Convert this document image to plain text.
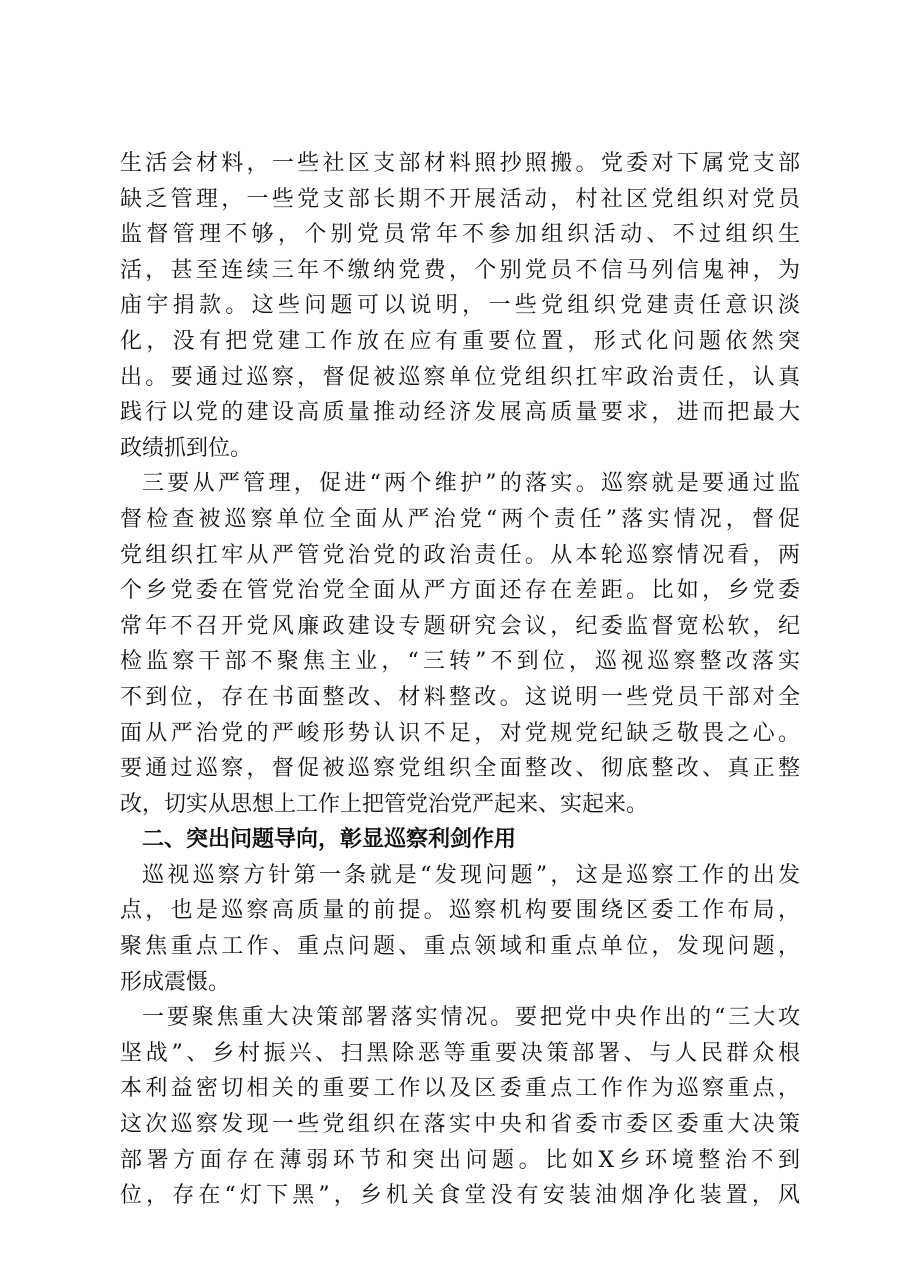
生活会材料，一些社区支部材料照抄照搬。党委对下属党支部
缺乏管理，一些党支部长期不开展活动，村社区党组织对党员
监督管理不够，个别党员常年不参加组织活动、不过组织生
活，甚至连续三年不缴纳党费，个别党员不信马列信鬼神，为
庙宇捐款。这些问题可以说明，一些党组织党建责任意识淡
化，没有把党建工作放在应有重要位置，形式化问题依然突
出。要通过巡察，督促被巡察单位党组织扛牢政治责任，认真
践行以党的建设高质量推动经济发展高质量要求，进而把最大
政绩抓到位。
三要从严管理，促进“两个维护”的落实。巡察就是要通过监
督检查被巡察单位全面从严治党“两个责任”落实情况，督促
党组织扛牢从严管党治党的政治责任。从本轮巡察情况看，两
个乡党委在管党治党全面从严方面还存在差距。比如，乡党委
常年不召开党风廉政建设专题研究会议，纪委监督宽松软，纪
检监察干部不聚焦主业，“三转”不到位，巡视巡察整改落实
不到位，存在书面整改、材料整改。这说明一些党员干部对全
面从严治党的严峻形势认识不足，对党规党纪缺乏敬畏之心。
要通过巡察，督促被巡察党组织全面整改、彻底整改、真正整
改，切实从思想上工作上把管党治党严起来、实起来。
二、突出问题导向，彰显巡察利剑作用
巡视巡察方针第一条就是“发现问题”，这是巡察工作的出发
点，也是巡察高质量的前提。巡察机构要围绕区委工作布局，
聚焦重点工作、重点问题、重点领域和重点单位，发现问题，
形成震慑。
一要聚焦重大决策部署落实情况。要把党中央作出的“三大攻
坚战”、乡村振兴、扫黑除恶等重要决策部署、与人民群众根
本利益密切相关的重要工作以及区委重点工作作为巡察重点，
这次巡察发现一些党组织在落实中央和省委市委区委重大决策
部署方面存在薄弱环节和突出问题。比如X乡环境整治不到
位，存在“灯下黑”，乡机关食堂没有安装油烟净化装置，风
